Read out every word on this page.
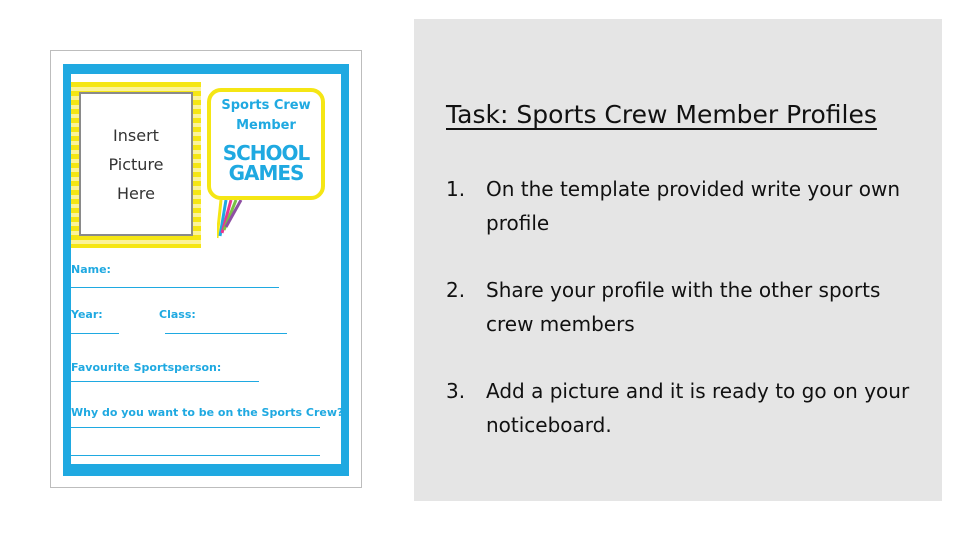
Insert
Picture
Here
Sports Crew
Member
SCHOOL
GAMES
Name:
Year:	Class:
Favourite Sportsperson:
Why do you want to be on the Sports Crew?
Task: Sports Crew Member Profiles
1. On the template provided write your own profile
2. Share your profile with the other sports crew members
3. Add a picture and it is ready to go on your noticeboard.
